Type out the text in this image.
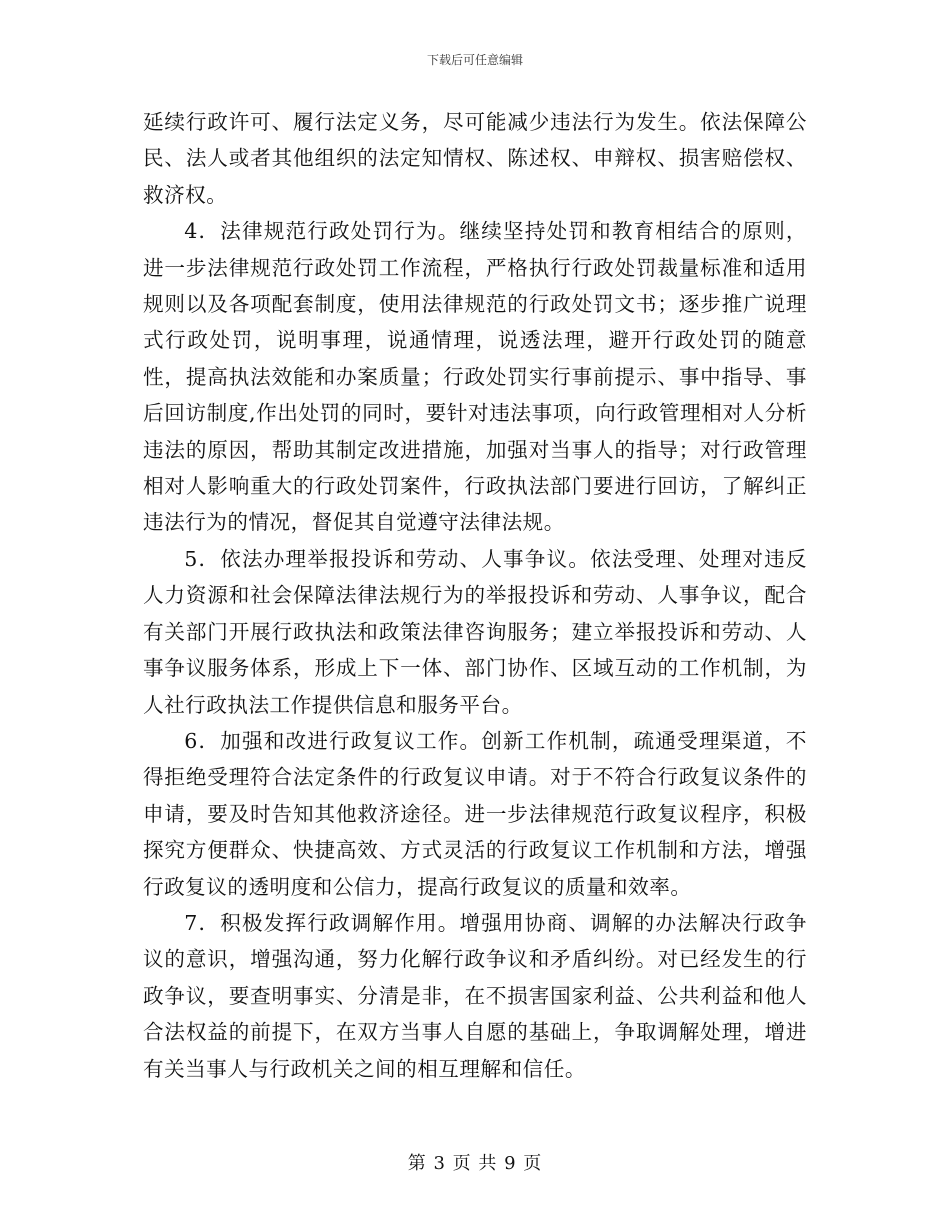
下载后可任意编辑

延续行政许可、履行法定义务，尽可能减少违法行为发生。依法保障公民、法人或者其他组织的法定知情权、陈述权、申辩权、损害赔偿权、救济权。

4．法律规范行政处罚行为。继续坚持处罚和教育相结合的原则，进一步法律规范行政处罚工作流程，严格执行行政处罚裁量标准和适用规则以及各项配套制度，使用法律规范的行政处罚文书；逐步推广说理式行政处罚，说明事理，说通情理，说透法理，避开行政处罚的随意性，提高执法效能和办案质量；行政处罚实行事前提示、事中指导、事后回访制度,作出处罚的同时，要针对违法事项，向行政管理相对人分析违法的原因，帮助其制定改进措施，加强对当事人的指导；对行政管理相对人影响重大的行政处罚案件，行政执法部门要进行回访，了解纠正违法行为的情况，督促其自觉遵守法律法规。

5．依法办理举报投诉和劳动、人事争议。依法受理、处理对违反人力资源和社会保障法律法规行为的举报投诉和劳动、人事争议，配合有关部门开展行政执法和政策法律咨询服务；建立举报投诉和劳动、人事争议服务体系，形成上下一体、部门协作、区域互动的工作机制，为人社行政执法工作提供信息和服务平台。

6．加强和改进行政复议工作。创新工作机制，疏通受理渠道，不得拒绝受理符合法定条件的行政复议申请。对于不符合行政复议条件的申请，要及时告知其他救济途径。进一步法律规范行政复议程序，积极探究方便群众、快捷高效、方式灵活的行政复议工作机制和方法，增强行政复议的透明度和公信力，提高行政复议的质量和效率。

7．积极发挥行政调解作用。增强用协商、调解的办法解决行政争议的意识，增强沟通，努力化解行政争议和矛盾纠纷。对已经发生的行政争议，要查明事实、分清是非，在不损害国家利益、公共利益和他人合法权益的前提下，在双方当事人自愿的基础上，争取调解处理，增进有关当事人与行政机关之间的相互理解和信任。

第 3 页 共 9 页
